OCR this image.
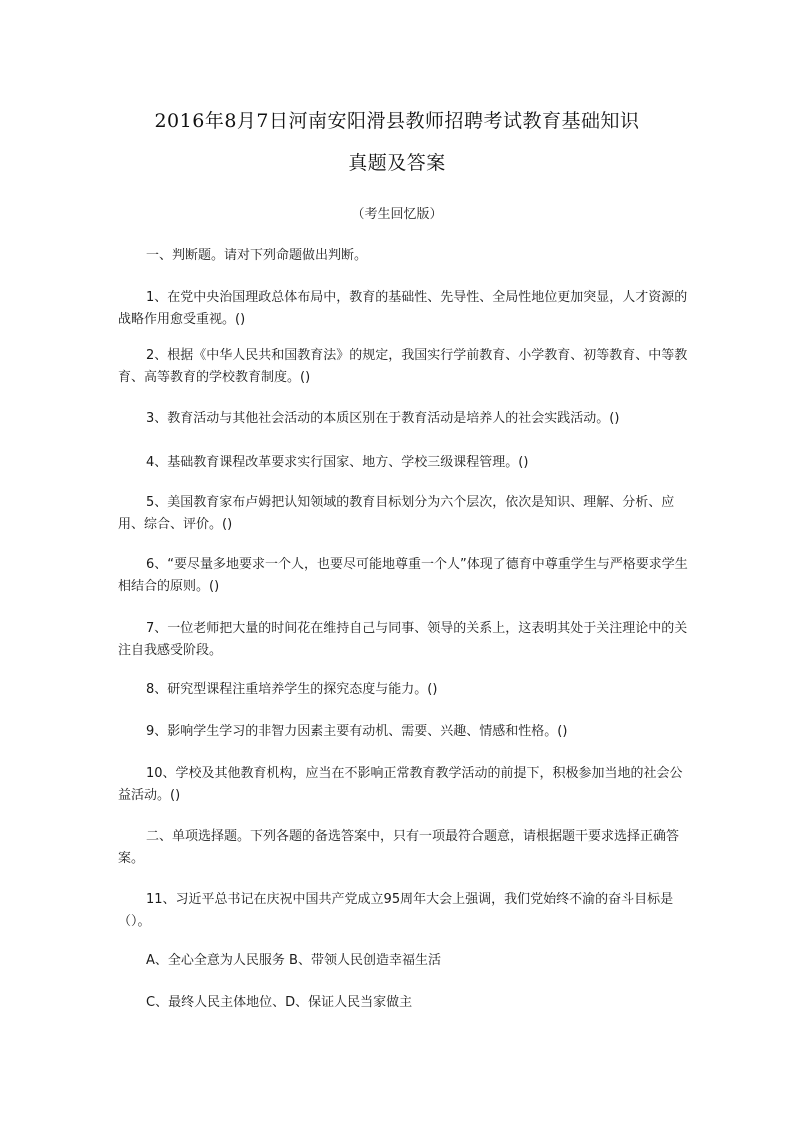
2016年8月7日河南安阳滑县教师招聘考试教育基础知识
真题及答案
（考生回忆版）

一、判断题。请对下列命题做出判断。

1、在党中央治国理政总体布局中，教育的基础性、先导性、全局性地位更加突显，人才资源的战略作用愈受重视。()

2、根据《中华人民共和国教育法》的规定，我国实行学前教育、小学教育、初等教育、中等教育、高等教育的学校教育制度。()

3、教育活动与其他社会活动的本质区别在于教育活动是培养人的社会实践活动。()

4、基础教育课程改革要求实行国家、地方、学校三级课程管理。()

5、美国教育家布卢姆把认知领域的教育目标划分为六个层次，依次是知识、理解、分析、应用、综合、评价。()

6、“要尽量多地要求一个人，也要尽可能地尊重一个人”体现了德育中尊重学生与严格要求学生相结合的原则。()

7、一位老师把大量的时间花在维持自己与同事、领导的关系上，这表明其处于关注理论中的关注自我感受阶段。

8、研究型课程注重培养学生的探究态度与能力。()

9、影响学生学习的非智力因素主要有动机、需要、兴趣、情感和性格。()

10、学校及其他教育机构，应当在不影响正常教育教学活动的前提下，积极参加当地的社会公益活动。()

二、单项选择题。下列各题的备选答案中，只有一项最符合题意，请根据题干要求选择正确答案。

11、习近平总书记在庆祝中国共产党成立95周年大会上强调，我们党始终不渝的奋斗目标是（）。

A、全心全意为人民服务 B、带领人民创造幸福生活

C、最终人民主体地位、D、保证人民当家做主
